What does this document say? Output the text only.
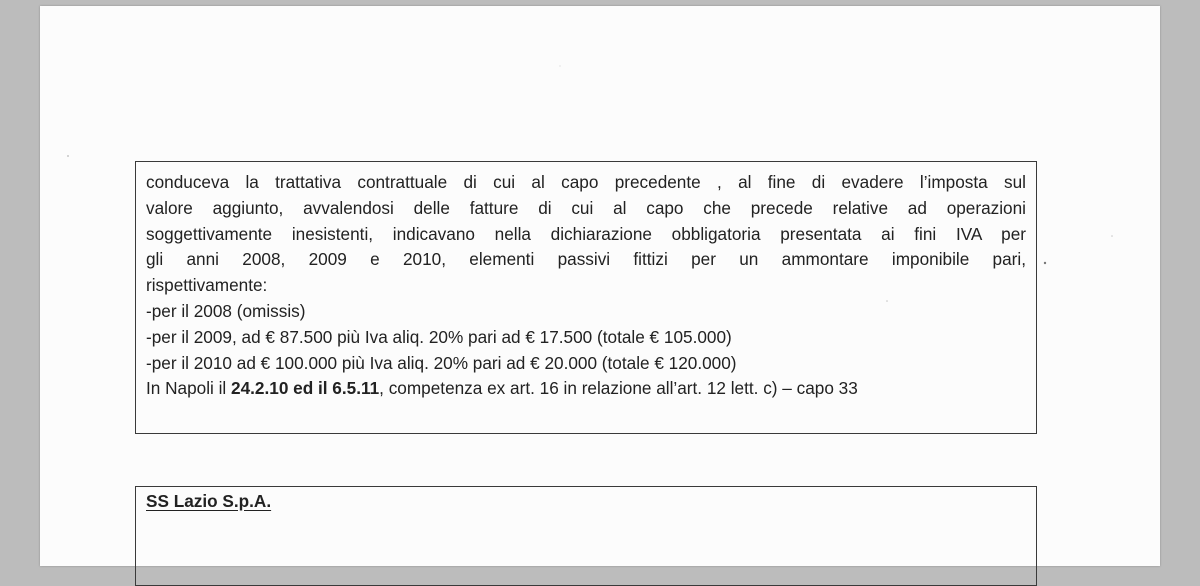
conduceva la trattativa contrattuale di cui al capo precedente , al fine di evadere l’imposta sul
valore aggiunto, avvalendosi delle fatture di cui al capo che precede relative ad operazioni
soggettivamente inesistenti, indicavano nella dichiarazione obbligatoria presentata ai fini IVA per
gli anni 2008, 2009 e 2010, elementi passivi fittizi per un ammontare imponibile pari,
rispettivamente:
-per il 2008 (omissis)
-per il 2009, ad € 87.500 più Iva aliq. 20% pari ad € 17.500 (totale € 105.000)
-per il 2010 ad € 100.000 più Iva aliq. 20% pari ad € 20.000 (totale € 120.000)
In Napoli il 24.2.10 ed il 6.5.11, competenza ex art. 16 in relazione all’art. 12 lett. c) – capo 33
SS Lazio S.p.A.
